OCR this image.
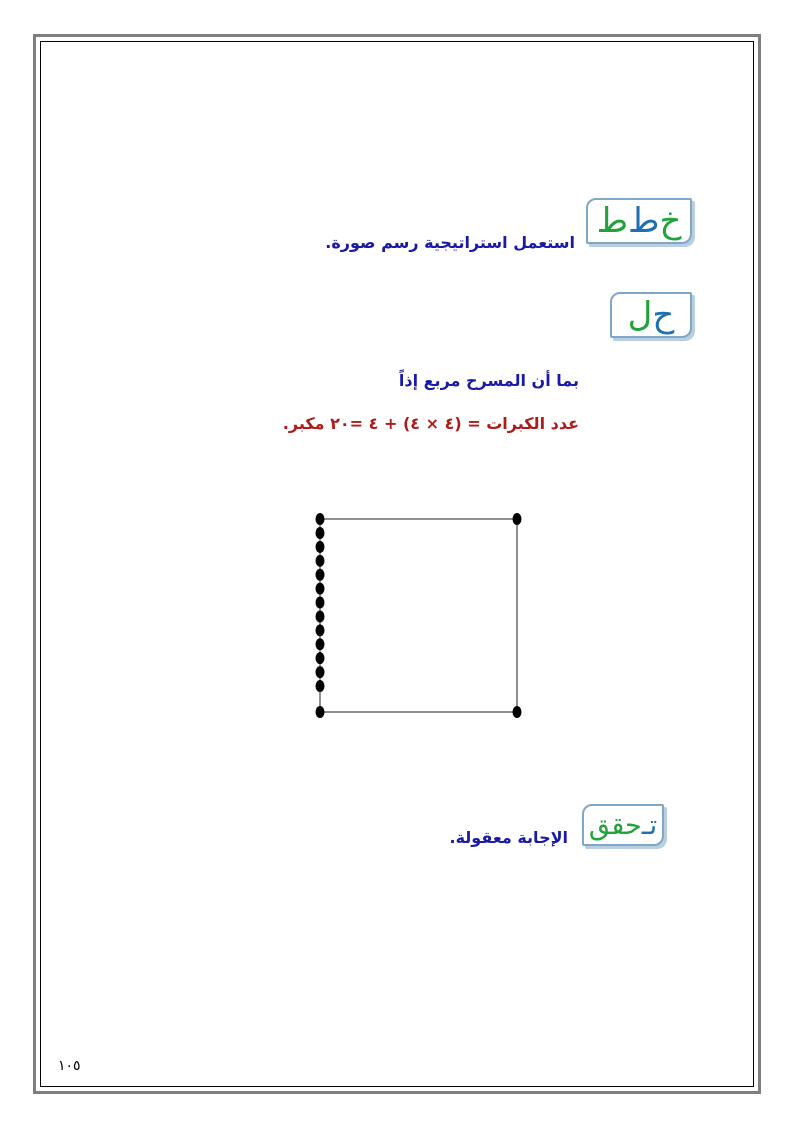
خ
ط
ط
استعمل استراتيجية رسم صورة.
ح
ل
بما أن المسرح مربع إذاً
عدد الكبرات = (٤ × ٤) + ٤ =٢٠ مكبر.
تـ
حقق
الإجابة معقولة.
١٠٥
